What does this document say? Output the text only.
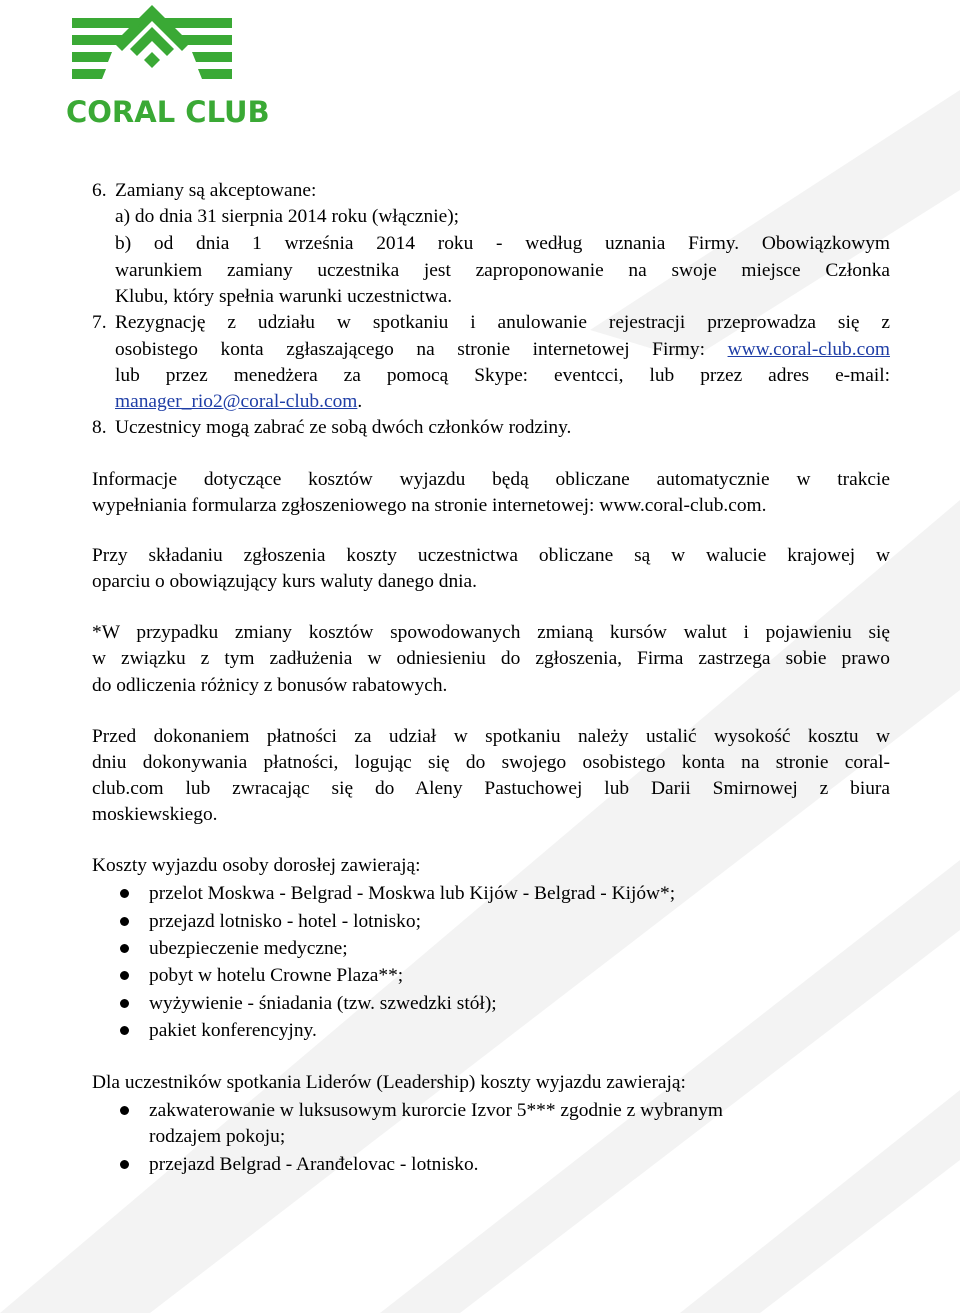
CORAL CLUB
6. Zamiany są akceptowane:
a) do dnia 31 sierpnia 2014 roku (włącznie);
b) od dnia 1 września 2014 roku - według uznania Firmy. Obowiązkowym
warunkiem zamiany uczestnika jest zaproponowanie na swoje miejsce Członka
Klubu, który spełnia warunki uczestnictwa.
7. Rezygnację z udziału w spotkaniu i anulowanie rejestracji przeprowadza się z
osobistego konta zgłaszającego na stronie internetowej Firmy: www.coral-club.com
lub przez menedżera za pomocą Skype: eventcci, lub przez adres e-mail:
manager_rio2@coral-club.com.
8. Uczestnicy mogą zabrać ze sobą dwóch członków rodziny.
Informacje dotyczące kosztów wyjazdu będą obliczane automatycznie w trakcie
wypełniania formularza zgłoszeniowego na stronie internetowej: www.coral-club.com.
Przy składaniu zgłoszenia koszty uczestnictwa obliczane są w walucie krajowej w
oparciu o obowiązujący kurs waluty danego dnia.
*W przypadku zmiany kosztów spowodowanych zmianą kursów walut i pojawieniu się
w związku z tym zadłużenia w odniesieniu do zgłoszenia, Firma zastrzega sobie prawo
do odliczenia różnicy z bonusów rabatowych.
Przed dokonaniem płatności za udział w spotkaniu należy ustalić wysokość kosztu w
dniu dokonywania płatności, logując się do swojego osobistego konta na stronie coral-
club.com lub zwracając się do Aleny Pastuchowej lub Darii Smirnowej z biura
moskiewskiego.
Koszty wyjazdu osoby dorosłej zawierają:
przelot Moskwa - Belgrad - Moskwa lub Kijów - Belgrad - Kijów*;
przejazd lotnisko - hotel - lotnisko;
ubezpieczenie medyczne;
pobyt w hotelu Crowne Plaza**;
wyżywienie - śniadania (tzw. szwedzki stół);
pakiet konferencyjny.
Dla uczestników spotkania Liderów (Leadership) koszty wyjazdu zawierają:
zakwaterowanie w luksusowym kurorcie Izvor 5*** zgodnie z wybranym
rodzajem pokoju;
przejazd Belgrad - Aranđelovac - lotnisko.
